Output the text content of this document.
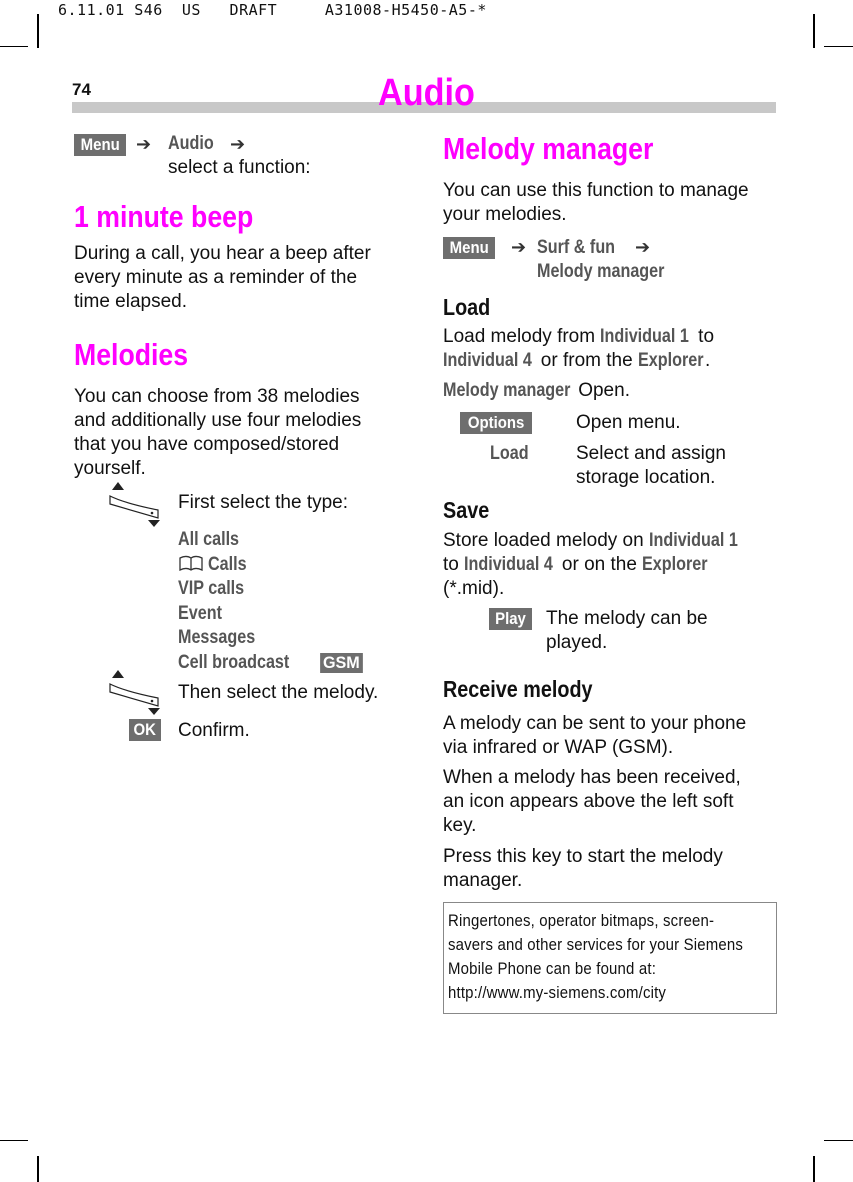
6.11.01 S46  US   DRAFT     A31008-H5450-A5-*
74	Audio
Menu ➔ Audio ➔
select a function:
1 minute beep
During a call, you hear a beep after
every minute as a reminder of the
time elapsed.
Melodies
You can choose from 38 melodies
and additionally use four melodies
that you have composed/stored
yourself.
First select the type:
All calls
Calls
VIP calls
Event
Messages
Cell broadcast GSM
Then select the melody.
OK Confirm.
Melody manager
You can use this function to manage
your melodies.
Menu	➔ Surf & fun
Melody manager
➔
Load
Load melody from Individual 1 to
Individual 4 or from the Explorer.
Melody manager Open.
Options	Open menu.
Load	Select and assign
storage location.
Save
Store loaded melody on Individual 1
to Individual 4 or on the Explorer
(*.mid).
Play	The melody can be
played.
Receive melody
A melody can be sent to your phone
via infrared or WAP (GSM).
When a melody has been received,
an icon appears above the left soft
key.
Press this key to start the melody
manager.
Ringertones, operator bitmaps, screen-
savers and other services for your Siemens
Mobile Phone can be found at:
http://www.my-siemens.com/city
